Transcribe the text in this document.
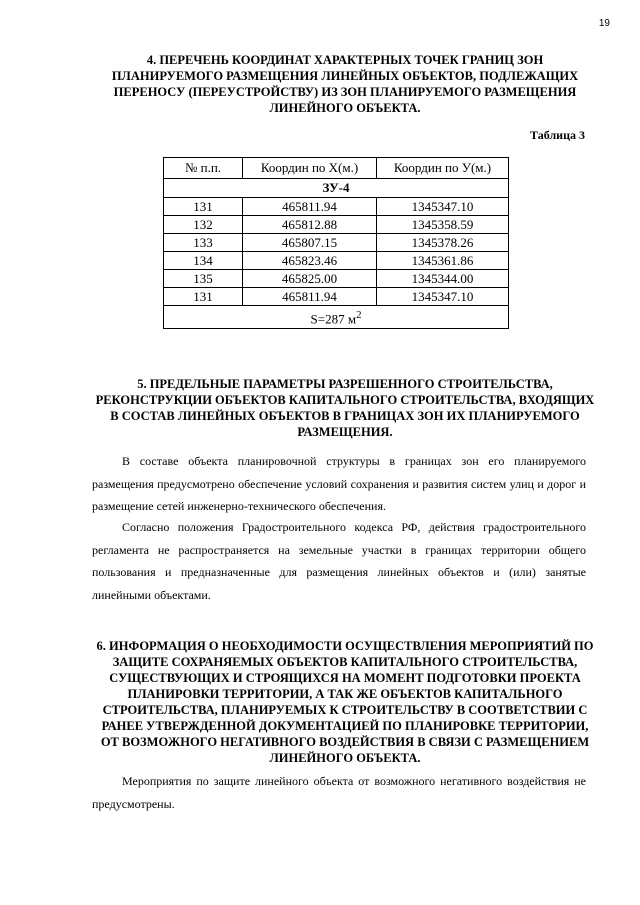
19
4. ПЕРЕЧЕНЬ КООРДИНАТ ХАРАКТЕРНЫХ ТОЧЕК ГРАНИЦ ЗОН ПЛАНИРУЕМОГО РАЗМЕЩЕНИЯ ЛИНЕЙНЫХ ОБЪЕКТОВ, ПОДЛЕЖАЩИХ ПЕРЕНОСУ (ПЕРЕУСТРОЙСТВУ) ИЗ ЗОН ПЛАНИРУЕМОГО РАЗМЕЩЕНИЯ ЛИНЕЙНОГО ОБЪЕКТА.
Таблица 3
№ п.п.	Координ по X(м.)	Координ по У(м.)
ЗУ-4		
131	465811.94	1345347.10
132	465812.88	1345358.59
133	465807.15	1345378.26
134	465823.46	1345361.86
135	465825.00	1345344.00
131	465811.94	1345347.10
S=287 $м^2$
5. ПРЕДЕЛЬНЫЕ ПАРАМЕТРЫ РАЗРЕШЕННОГО СТРОИТЕЛЬСТВА, РЕКОНСТРУКЦИИ ОБЪЕКТОВ КАПИТАЛЬНОГО СТРОИТЕЛЬСТВА, ВХОДЯЩИХ В СОСТАВ ЛИНЕЙНЫХ ОБЪЕКТОВ В ГРАНИЦАХ ЗОН ИХ ПЛАНИРУЕМОГО РАЗМЕЩЕНИЯ.
В составе объекта планировочной структуры в границах зон его планируемого размещения предусмотрено обеспечение условий сохранения и развития систем улиц и дорог и размещение сетей инженерно-технического обеспечения.
Согласно положения Градостроительного кодекса РФ, действия градостроительного регламента не распространяется на земельные участки в границах территории общего пользования и предназначенные для размещения линейных объектов и (или) занятые линейными объектами.
6. ИНФОРМАЦИЯ О НЕОБХОДИМОСТИ ОСУЩЕСТВЛЕНИЯ МЕРОПРИЯТИЙ ПО ЗАЩИТЕ СОХРАНЯЕМЫХ ОБЪЕКТОВ КАПИТАЛЬНОГО СТРОИТЕЛЬСТВА, СУЩЕСТВУЮЩИХ И СТРОЯЩИХСЯ НА МОМЕНТ ПОДГОТОВКИ ПРОЕКТА ПЛАНИРОВКИ ТЕРРИТОРИИ, А ТАК ЖЕ ОБЪЕКТОВ КАПИТАЛЬНОГО СТРОИТЕЛЬСТВА, ПЛАНИРУЕМЫХ К СТРОИТЕЛЬСТВУ В СООТВЕТСТВИИ С РАНЕЕ УТВЕРЖДЕННОЙ ДОКУМЕНТАЦИЕЙ ПО ПЛАНИРОВКЕ ТЕРРИТОРИИ, ОТ ВОЗМОЖНОГО НЕГАТИВНОГО ВОЗДЕЙСТВИЯ В СВЯЗИ С РАЗМЕЩЕНИЕМ ЛИНЕЙНОГО ОБЪЕКТА.
Мероприятия по защите линейного объекта от возможного негативного воздействия не предусмотрены.
